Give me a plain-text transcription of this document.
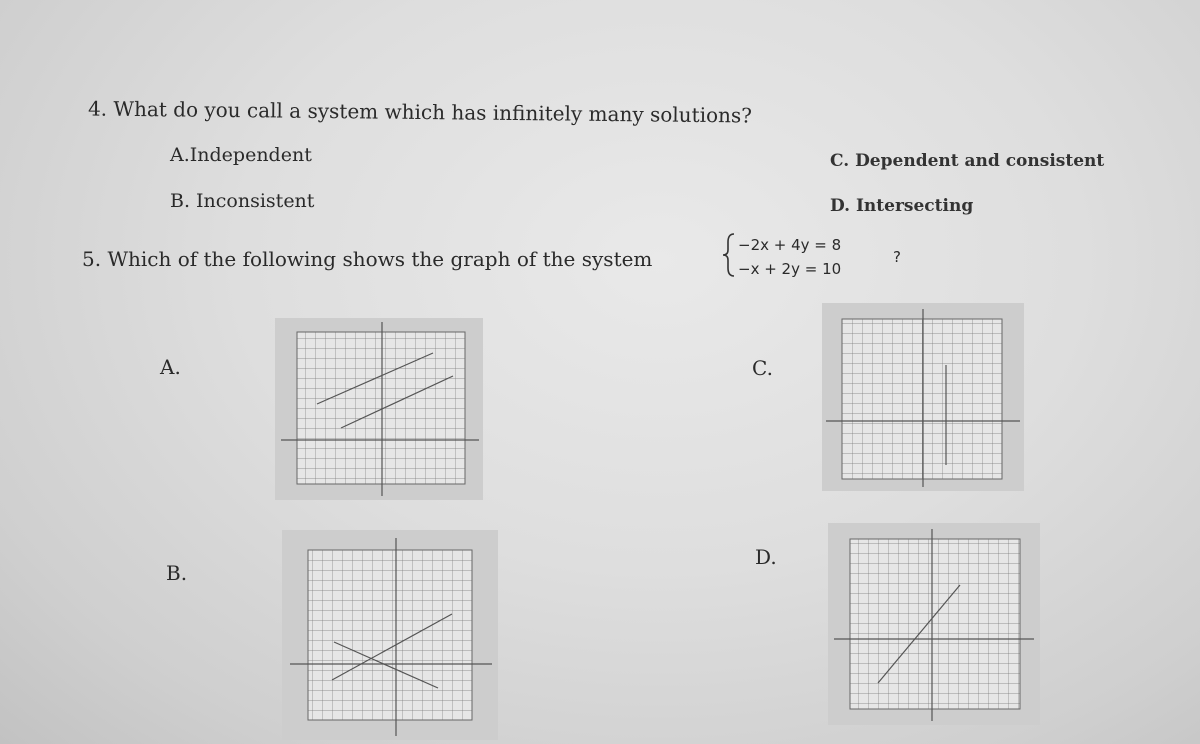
4. What do you call a system which has infinitely many solutions?
A.Independent
B. Inconsistent
C. Dependent and consistent
D. Intersecting
5. Which of the following shows the graph of the system
−2x + 4y = 8
−x + 2y = 10
?
A.
B.
C.
D.
